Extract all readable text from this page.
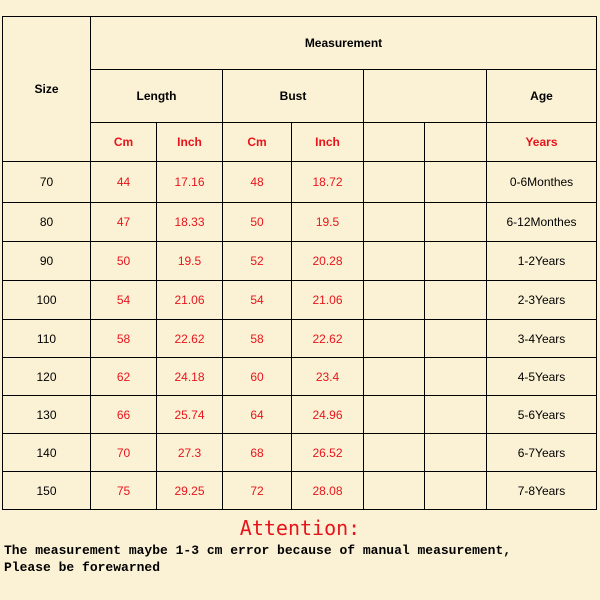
Size	Measurement						
	Length		Bust				Age
	Cm	Inch	Cm	Inch			Years
70	44	17.16	48	18.72			0-6Monthes
80	47	18.33	50	19.5			6-12Monthes
90	50	19.5	52	20.28			1-2Years
100	54	21.06	54	21.06			2-3Years
110	58	22.62	58	22.62			3-4Years
120	62	24.18	60	23.4			4-5Years
130	66	25.74	64	24.96			5-6Years
140	70	27.3	68	26.52			6-7Years
150	75	29.25	72	28.08			7-8Years
Attention:
The measurement maybe 1-3 cm error because of manual measurement,
Please be forewarned
